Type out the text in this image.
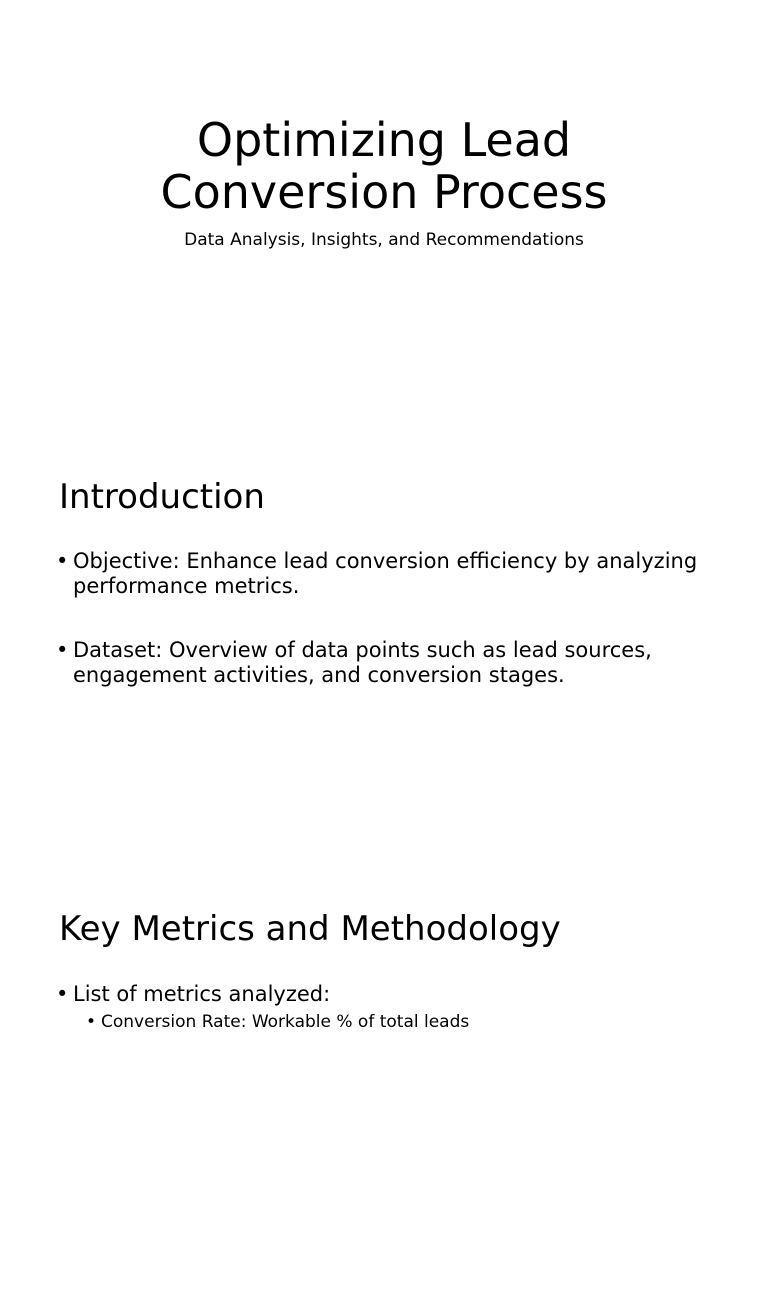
Optimizing Lead
Conversion Process
Data Analysis, Insights, and Recommendations
Introduction
• Objective: Enhance lead conversion efficiency by analyzing performance metrics.
• Dataset: Overview of data points such as lead sources, engagement activities, and conversion stages.
Key Metrics and Methodology
• List of metrics analyzed:
• Conversion Rate: Workable % of total leads
